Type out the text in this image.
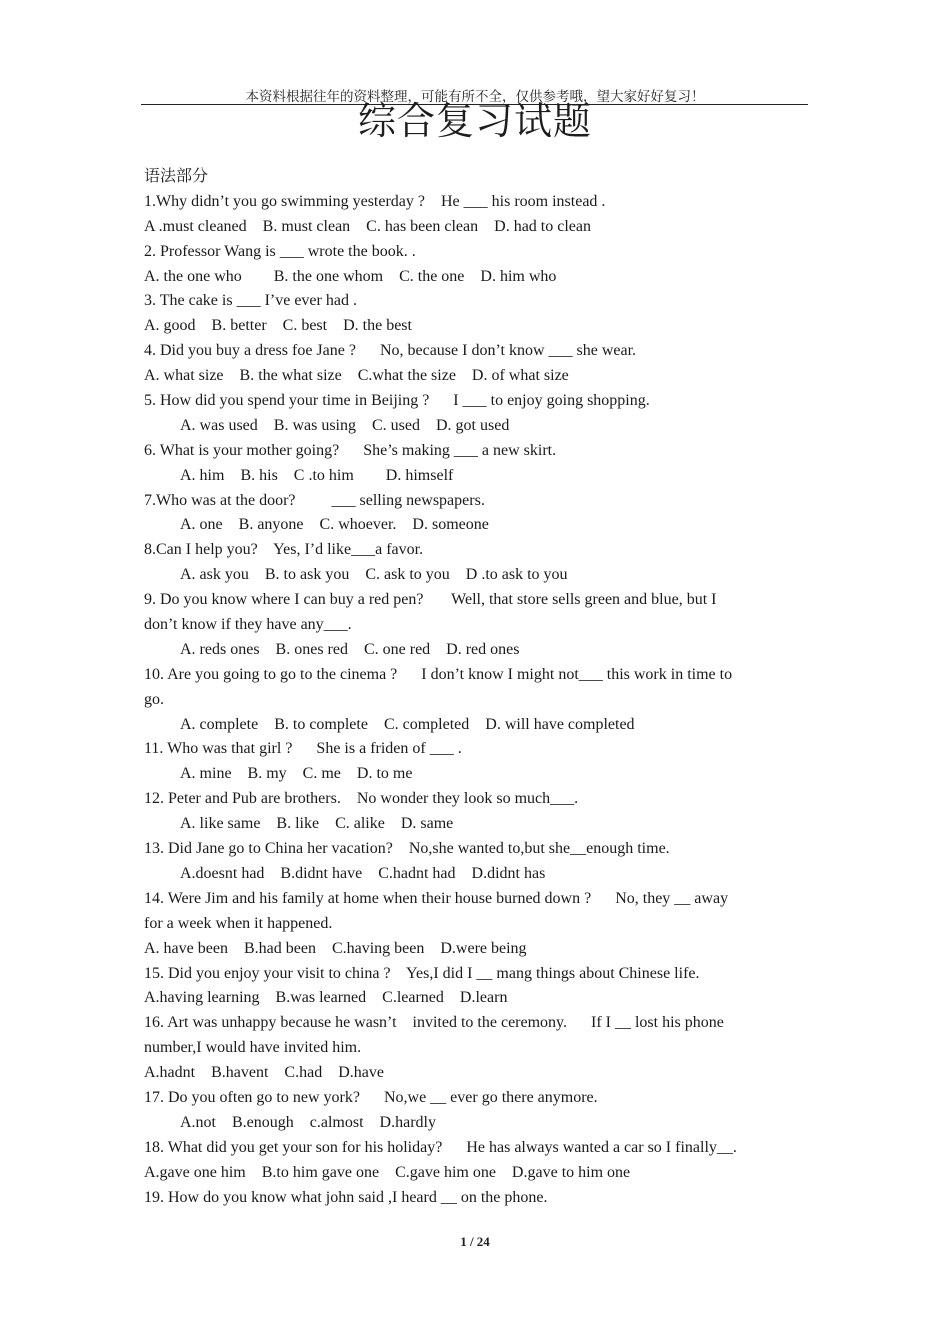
本资料根据往年的资料整理，可能有所不全，仅供参考哦，望大家好好复习！
综合复习试题
语法部分
1.Why didn’t you go swimming yesterday ?    He ___ his room instead .
A .must cleaned    B. must clean    C. has been clean    D. had to clean
2. Professor Wang is ___ wrote the book. .
A. the one who        B. the one whom    C. the one    D. him who
3. The cake is ___ I’ve ever had .
A. good    B. better    C. best    D. the best
4. Did you buy a dress foe Jane ?      No, because I don’t know ___ she wear.
A. what size    B. the what size    C.what the size    D. of what size
5. How did you spend your time in Beijing ?      I ___ to enjoy going shopping.
A. was used    B. was using    C. used    D. got used
6. What is your mother going?      She’s making ___ a new skirt.
A. him    B. his    C .to him        D. himself
7.Who was at the door?         ___ selling newspapers.
A. one    B. anyone    C. whoever.    D. someone
8.Can I help you?    Yes, I’d like___a favor.
A. ask you    B. to ask you    C. ask to you    D .to ask to you
9. Do you know where I can buy a red pen?       Well, that store sells green and blue, but I
don’t know if they have any___.
A. reds ones    B. ones red    C. one red    D. red ones
10. Are you going to go to the cinema ?      I don’t know I might not___ this work in time to
go.
A. complete    B. to complete    C. completed    D. will have completed
11. Who was that girl ?      She is a friden of ___ .
A. mine    B. my    C. me    D. to me
12. Peter and Pub are brothers.    No wonder they look so much___.
A. like same    B. like    C. alike    D. same
13. Did Jane go to China her vacation?    No,she wanted to,but she__enough time.
A.doesnt had    B.didnt have    C.hadnt had    D.didnt has
14. Were Jim and his family at home when their house burned down ?      No, they __ away
for a week when it happened.
A. have been    B.had been    C.having been    D.were being
15. Did you enjoy your visit to china ?    Yes,I did I __ mang things about Chinese life.
A.having learning    B.was learned    C.learned    D.learn
16. Art was unhappy because he wasn’t    invited to the ceremony.      If I __ lost his phone
number,I would have invited him.
A.hadnt    B.havent    C.had    D.have
17. Do you often go to new york?      No,we __ ever go there anymore.
A.not    B.enough    c.almost    D.hardly
18. What did you get your son for his holiday?      He has always wanted a car so I finally__.
A.gave one him    B.to him gave one    C.gave him one    D.gave to him one
19. How do you know what john said ,I heard __ on the phone.
1 / 24
